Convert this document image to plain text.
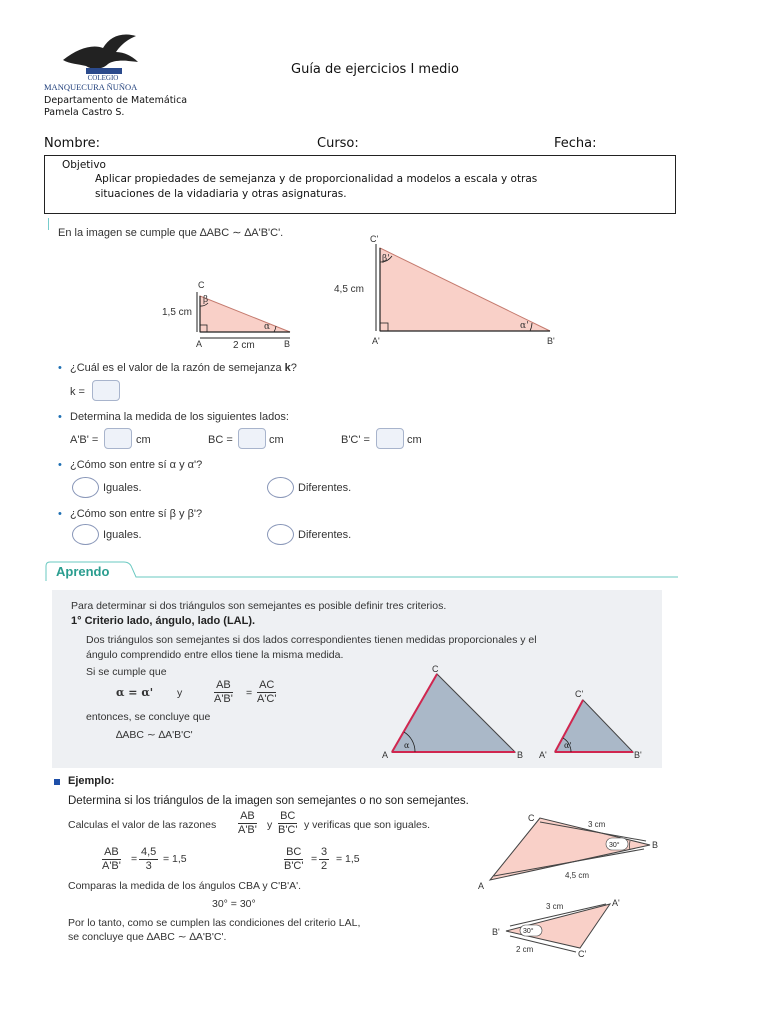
COLEGIO
MANQUECURA ÑUÑOA
Guía de ejercicios I medio
Departamento de Matemática
Pamela Castro S.
Nombre:	Curso:	Fecha:
Objetivo
Aplicar propiedades de semejanza y de proporcionalidad a modelos a escala y otras
situaciones de la vidadiaria y otras asignaturas.
En la imagen se cumple que ∆ABC ∼ ∆A'B'C'.
C
A	B
1,5 cm
2 cm
β
α
C'
A'	B'
4,5 cm
β'
α'
• ¿Cuál es el valor de la razón de semejanza k?
k =
• Determina la medida de los siguientes lados:
A'B' =	cm	BC =	cm	B'C' =	cm
• ¿Cómo son entre sí α y α'?
Iguales.	Diferentes.
• ¿Cómo son entre sí β y β'?
Iguales.	Diferentes.
Aprendo
Para determinar si dos triángulos son semejantes es posible definir tres criterios.
1° Criterio lado, ángulo, lado (LAL).
Dos triángulos son semejantes si dos lados correspondientes tienen medidas proporcionales y el
ángulo comprendido entre ellos tiene la misma medida.
Si se cumple que
α = α' y	$\frac{AB}{A'B'} = \frac{AC}{A'C'}$
entonces, se concluye que
∆ABC ∼ ∆A'B'C'
C
A	B
α
C'
A'	B'
α'
Ejemplo:
Determina si los triángulos de la imagen son semejantes o no son semejantes.
Calculas el valor de las razones $\frac{AB}{A'B'}$ y $\frac{BC}{B'C'}$ y verificas que son iguales.
$\frac{AB}{A'B'} = \frac{4,5}{3} = 1,5$	$\frac{BC}{B'C'} = \frac{3}{2} = 1,5$
Comparas la medida de los ángulos CBA y C'B'A'.
30° = 30°
Por lo tanto, como se cumplen las condiciones del criterio LAL,
se concluye que ∆ABC ∼ ∆A'B'C'.
30°
C
A
B
3 cm
4,5 cm
30°
A'
B'
C'
3 cm
2 cm
